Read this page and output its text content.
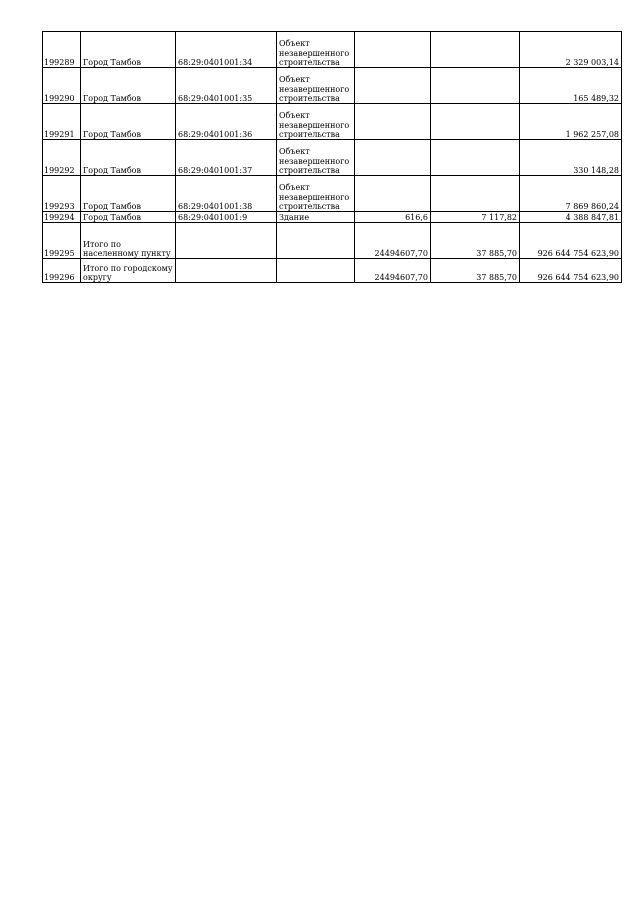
199289	Город Тамбов	68:29:0401001:34	Объект незавершенного строительства			2 329 003,14
199290	Город Тамбов	68:29:0401001:35	Объект незавершенного строительства			165 489,32
199291	Город Тамбов	68:29:0401001:36	Объект незавершенного строительства			1 962 257,08
199292	Город Тамбов	68:29:0401001:37	Объект незавершенного строительства			330 148,28
199293	Город Тамбов	68:29:0401001:38	Объект незавершенного строительства			7 869 860,24
199294	Город Тамбов	68:29:0401001:9	Здание	616,6	7 117,82	4 388 847,81
199295	Итого по населенному пункту			24494607,70	37 885,70	926 644 754 623,90
199296	Итого по городскому округу			24494607,70	37 885,70	926 644 754 623,90
